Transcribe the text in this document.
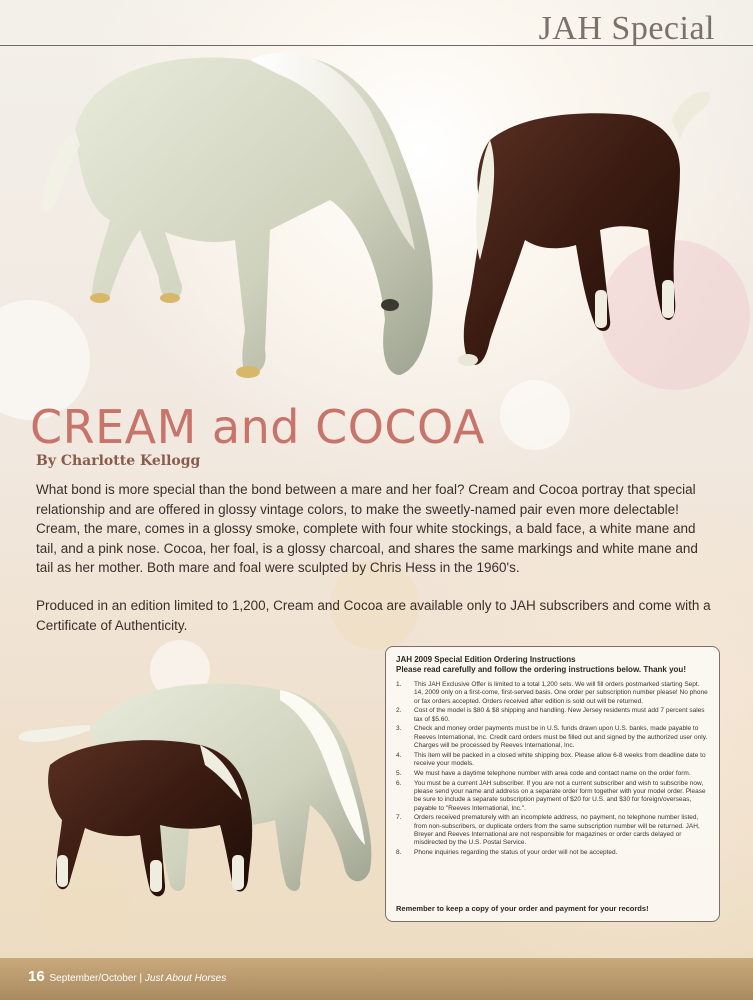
JAH Special
CREAM and COCOA
By Charlotte Kellogg

What bond is more special than the bond between a mare and her foal? Cream and Cocoa portray that special relationship and are offered in glossy vintage colors, to make the sweetly-named pair even more delectable! Cream, the mare, comes in a glossy smoke, complete with four white stockings, a bald face, a white mane and tail, and a pink nose. Cocoa, her foal, is a glossy charcoal, and shares the same markings and white mane and tail as her mother. Both mare and foal were sculpted by Chris Hess in the 1960's.

Produced in an edition limited to 1,200, Cream and Cocoa are available only to JAH subscribers and come with a Certificate of Authenticity.

JAH 2009 Special Edition Ordering Instructions
Please read carefully and follow the ordering instructions below. Thank you!
1.	This JAH Exclusive Offer is limited to a total 1,200 sets. We will fill orders postmarked starting Sept. 14, 2009 only on a first-come, first-served basis. One order per subscription number please! No phone or fax orders accepted. Orders received after edition is sold out will be returned.
2.	Cost of the model is $80 & $8 shipping and handling. New Jersey residents must add 7 percent sales tax of $5.60.
3.	Check and money order payments must be in U.S. funds drawn upon U.S. banks, made payable to Reeves International, Inc. Credit card orders must be filled out and signed by the authorized user only. Charges will be processed by Reeves International, Inc.
4.	This item will be packed in a closed white shipping box. Please allow 6-8 weeks from deadline date to receive your models.
5.	We must have a daytime telephone number with area code and contact name on the order form.
6.	You must be a current JAH subscriber. If you are not a current subscriber and wish to subscribe now, please send your name and address on a separate order form together with your model order. Please be sure to include a separate subscription payment of $20 for U.S. and $30 for foreign/overseas, payable to "Reeves International, Inc.".
7.	Orders received prematurely with an incomplete address, no payment, no telephone number listed, from non-subscribers, or duplicate orders from the same subscription number will be returned. JAH, Breyer and Reeves International are not responsible for magazines or order cards delayed or misdirected by the U.S. Postal Service.
8.	Phone inquiries regarding the status of your order will not be accepted.
Remember to keep a copy of your order and payment for your records!
16 September/October | Just About Horses
